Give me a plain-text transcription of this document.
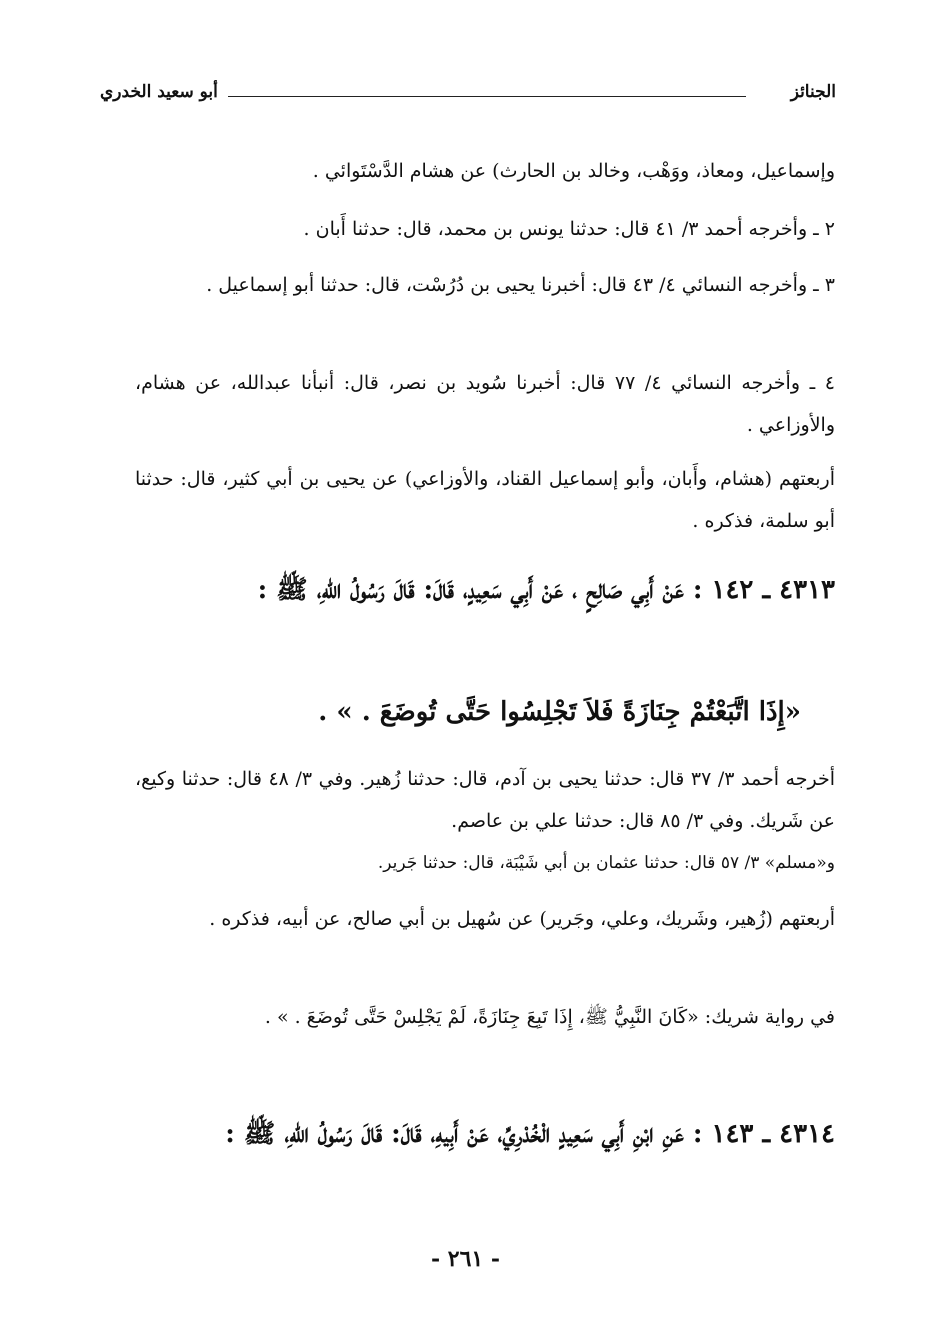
الجنائز
أبو سعيد الخدري

وإسماعيل، ومعاذ، ووَهْب، وخالد بن الحارث) عن هشام الدَّسْتَوائي .

٢ ـ وأخرجه أحمد ٣/ ٤١ قال: حدثنا يونس بن محمد، قال: حدثنا أَبان .

٣ ـ وأخرجه النسائي ٤/ ٤٣ قال: أخبرنا يحيى بن دُرُسْت، قال: حدثنا أبو إسماعيل .

٤ ـ وأخرجه النسائي ٤/ ٧٧ قال: أخبرنا سُويد بن نصر، قال: أنبأنا عبدالله، عن هشام، والأوزاعي .

أربعتهم (هشام، وأَبان، وأبو إسماعيل القناد، والأوزاعي) عن يحيى بن أبي كثير، قال: حدثنا أبو سلمة، فذكره .

٤٣١٣ ـ ١٤٢ : عَنْ أَبِي صَالِحٍ ، عَنْ أَبِي سَعِيدٍ، قَالَ: قَالَ رَسُولُ اللّهِ، ﷺ :

«إِذَا اتَّبَعْتُمْ جِنَازَةً فَلاَ تَجْلِسُوا حَتَّى تُوضَعَ . » .

أخرجه أحمد ٣/ ٣٧ قال: حدثنا يحيى بن آدم، قال: حدثنا زُهير. وفي ٣/ ٤٨ قال: حدثنا وكيع، عن شَريك. وفي ٣/ ٨٥ قال: حدثنا علي بن عاصم.

و«مسلم» ٣/ ٥٧ قال: حدثنا عثمان بن أبي شَيْبَة، قال: حدثنا جَرير.

أربعتهم (زُهير، وشَريك، وعلي، وجَرير) عن سُهيل بن أبي صالح، عن أبيه، فذكره .

في رواية شريك: «كَانَ النَّبِيُّ ﷺ، إِذَا تَبِعَ جِنَازَةً، لَمْ يَجْلِسْ حَتَّى تُوضَعَ . » .

٤٣١٤ ـ ١٤٣ : عَنِ ابْنِ أَبِي سَعِيدٍ الْخُدْرِيِّ، عَنْ أَبِيهِ، قَالَ: قَالَ رَسُولُ اللّهِ، ﷺ :

- ٢٦١ -
